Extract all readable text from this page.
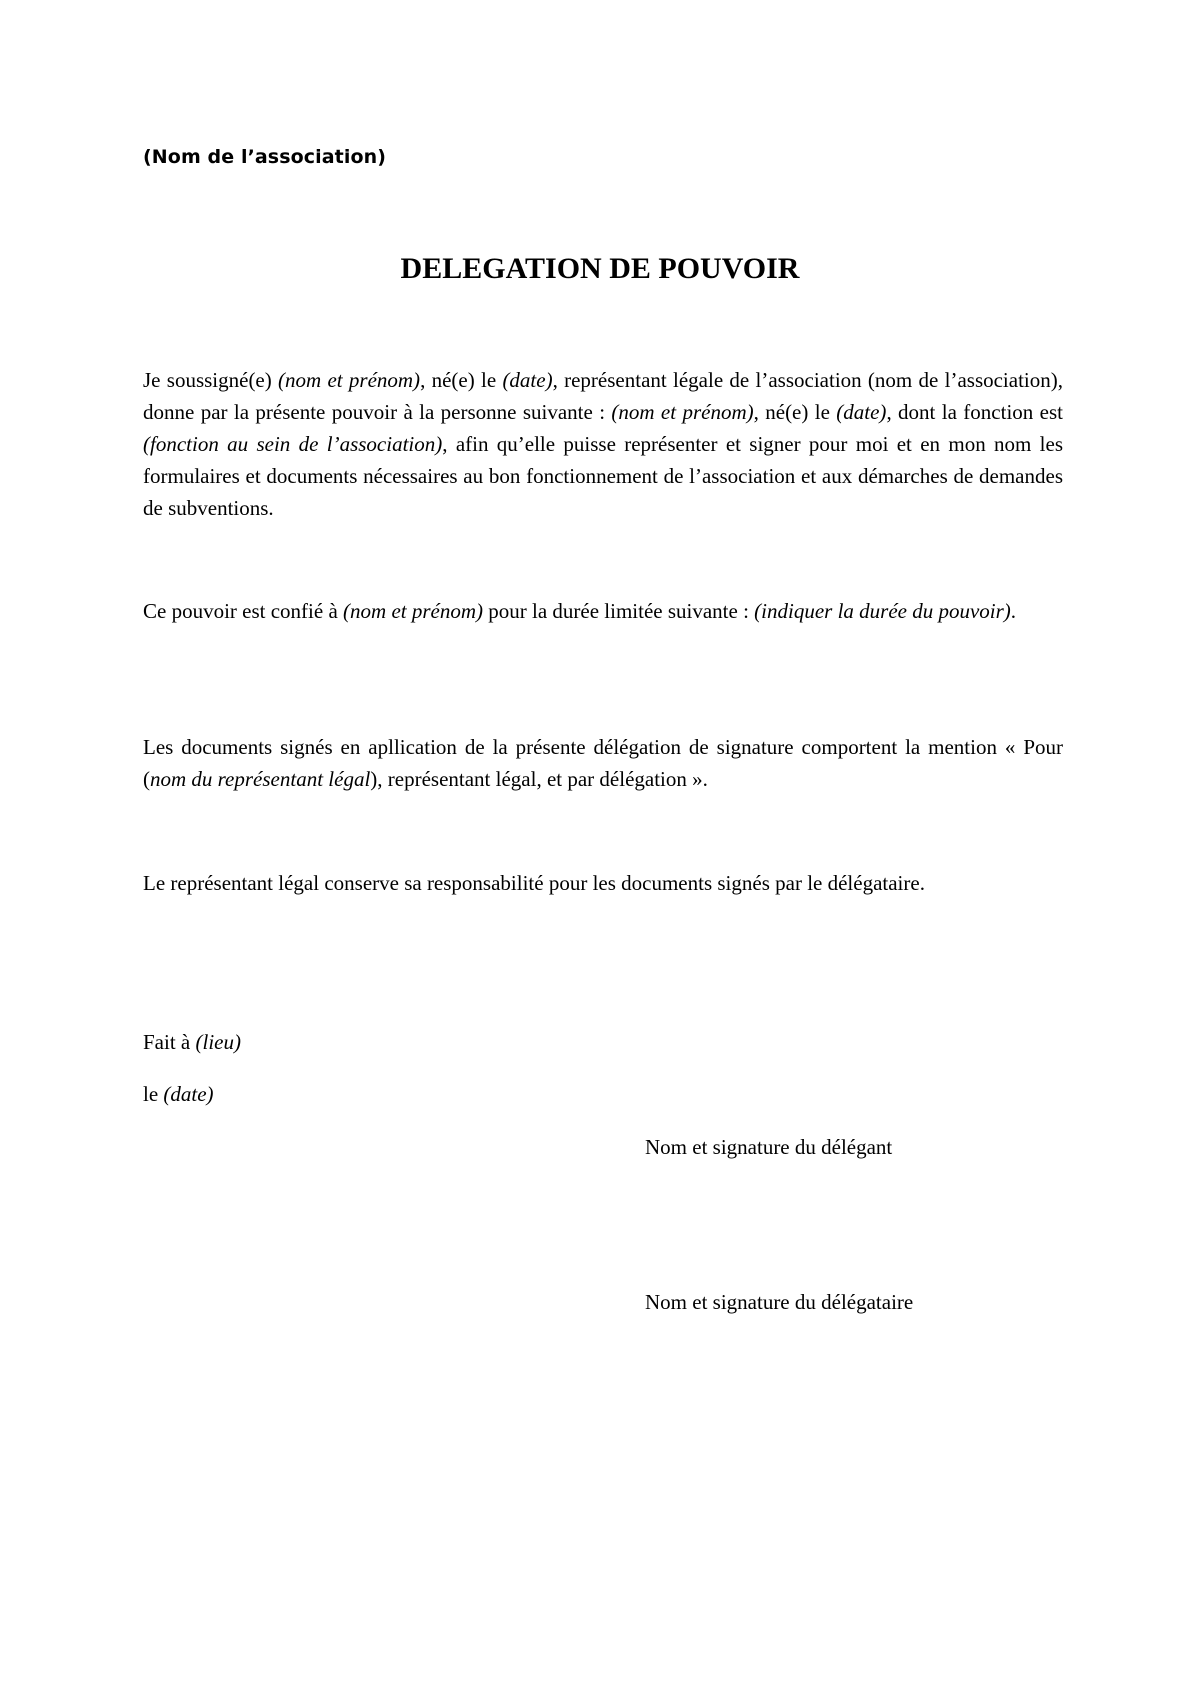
(Nom de l’association)
DELEGATION DE POUVOIR

Je soussigné(e) (nom et prénom), né(e) le (date), représentant légale de l’association (nom de l’association), donne par la présente pouvoir à la personne suivante : (nom et prénom), né(e) le (date), dont la fonction est (fonction au sein de l’association), afin qu’elle puisse représenter et signer pour moi et en mon nom les formulaires et documents nécessaires au bon fonctionnement de l’association et aux démarches de demandes de subventions.

Ce pouvoir est confié à (nom et prénom) pour la durée limitée suivante : (indiquer la durée du pouvoir).

Les documents signés en apllication de la présente délégation de signature comportent la mention « Pour (nom du représentant légal), représentant légal, et par délégation ».

Le représentant légal conserve sa responsabilité pour les documents signés par le délégataire.

Fait à (lieu)
le (date)
Nom et signature du délégant
Nom et signature du délégataire
